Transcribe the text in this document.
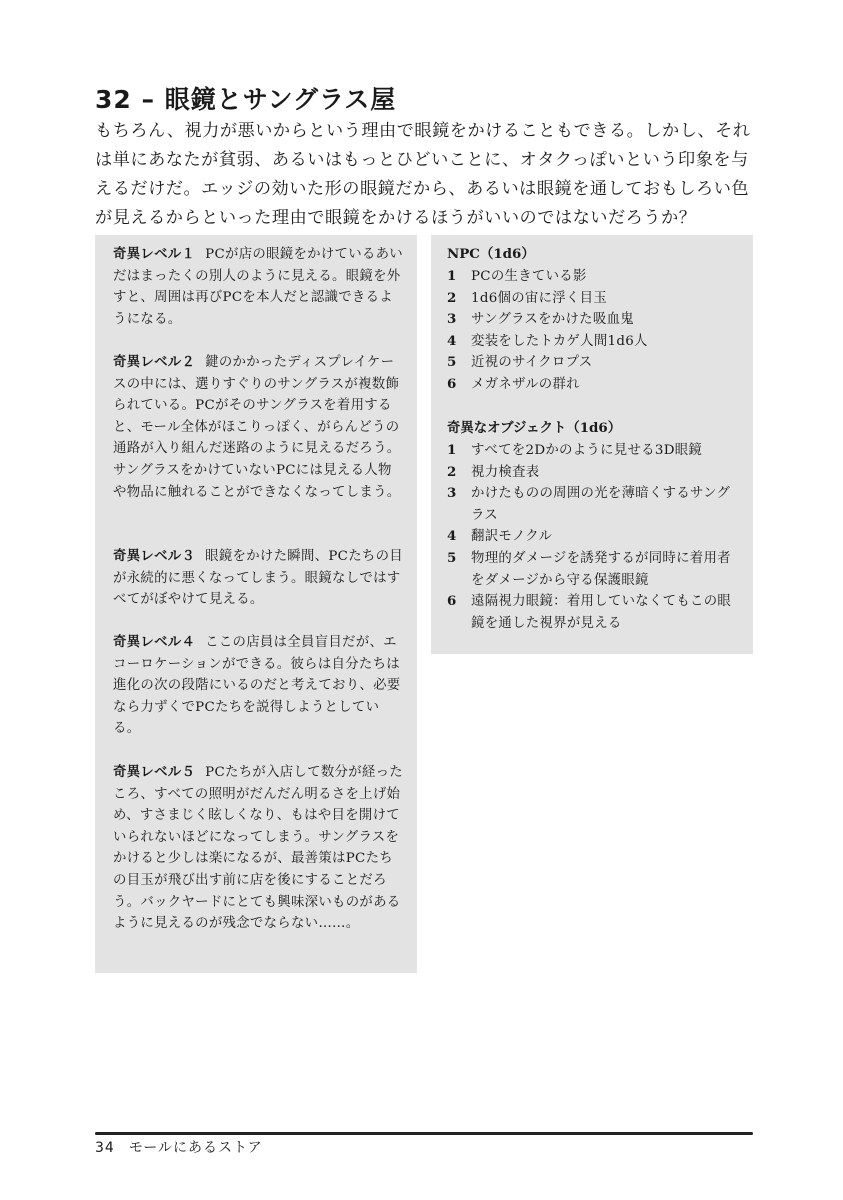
32 – 眼鏡とサングラス屋

もちろん、視力が悪いからという理由で眼鏡をかけることもできる。しかし、それは単にあなたが貧弱、あるいはもっとひどいことに、オタクっぽいという印象を与えるだけだ。エッジの効いた形の眼鏡だから、あるいは眼鏡を通しておもしろい色が見えるからといった理由で眼鏡をかけるほうがいいのではないだろうか？

奇異レベル１ PCが店の眼鏡をかけているあいだはまったくの別人のように見える。眼鏡を外すと、周囲は再びPCを本人だと認識できるようになる。
奇異レベル２ 鍵のかかったディスプレイケースの中には、選りすぐりのサングラスが複数飾られている。PCがそのサングラスを着用すると、モール全体がほこりっぽく、がらんどうの通路が入り組んだ迷路のように見えるだろう。サングラスをかけていないPCには見える人物や物品に触れることができなくなってしまう。
奇異レベル３ 眼鏡をかけた瞬間、PCたちの目が永続的に悪くなってしまう。眼鏡なしではすべてがぼやけて見える。
奇異レベル４ ここの店員は全員盲目だが、エコーロケーションができる。彼らは自分たちは進化の次の段階にいるのだと考えており、必要なら力ずくでPCたちを説得しようとしている。
奇異レベル５ PCたちが入店して数分が経ったころ、すべての照明がだんだん明るさを上げ始め、すさまじく眩しくなり、もはや目を開けていられないほどになってしまう。サングラスをかけると少しは楽になるが、最善策はPCたちの目玉が飛び出す前に店を後にすることだろう。バックヤードにとても興味深いものがあるように見えるのが残念でならない……。
NPC（1d6）
1	PCの生きている影
2	1d6個の宙に浮く目玉
3	サングラスをかけた吸血鬼
4	変装をしたトカゲ人間1d6人
5	近視のサイクロプス
6	メガネザルの群れ
奇異なオブジェクト（1d6）
1	すべてを2Dかのように見せる3D眼鏡
2	視力検査表
3	かけたものの周囲の光を薄暗くするサングラス
4	翻訳モノクル
5	物理的ダメージを誘発するが同時に着用者をダメージから守る保護眼鏡
6	遠隔視力眼鏡：着用していなくてもこの眼鏡を通した視界が見える
34 モールにあるストア
